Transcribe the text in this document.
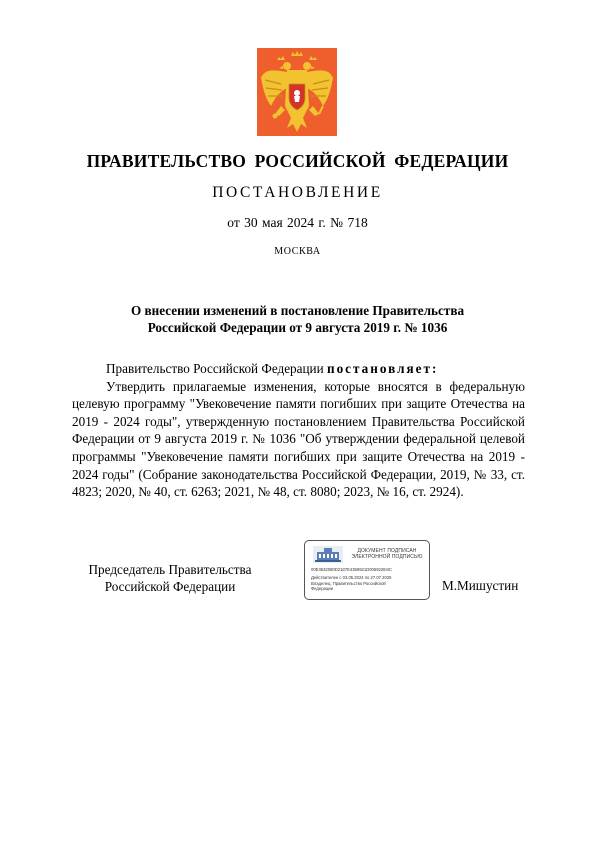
ПРАВИТЕЛЬСТВО РОССИЙСКОЙ ФЕДЕРАЦИИ
ПОСТАНОВЛЕНИЕ
от 30 мая 2024 г. № 718
МОСКВА
О внесении изменений в постановление Правительства
Российской Федерации от 9 августа 2019 г. № 1036

Правительство Российской Федерации постановляет:

Утвердить прилагаемые изменения, которые вносятся в федеральную целевую программу "Увековечение памяти погибших при защите Отечества на 2019 - 2024 годы", утвержденную постановлением Правительства Российской Федерации от 9 августа 2019 г. № 1036 "Об утверждении федеральной целевой программы "Увековечение памяти погибших при защите Отечества на 2019 - 2024 годы" (Собрание законодательства Российской Федерации, 2019, № 33, ст. 4823; 2020, № 40, ст. 6263; 2021, № 48, ст. 8080; 2023, № 16, ст. 2924).

Председатель Правительства
Российской Федерации
ДОКУМЕНТ ПОДПИСАН
ЭЛЕКТРОННОЙ ПОДПИСЬЮ
00E3632080D2187E4369921D00692284IC
Действителен с 03.05.2024 по 27.07.2025
Владелец: Правительство Российской
Федерации	М.Мишустин
